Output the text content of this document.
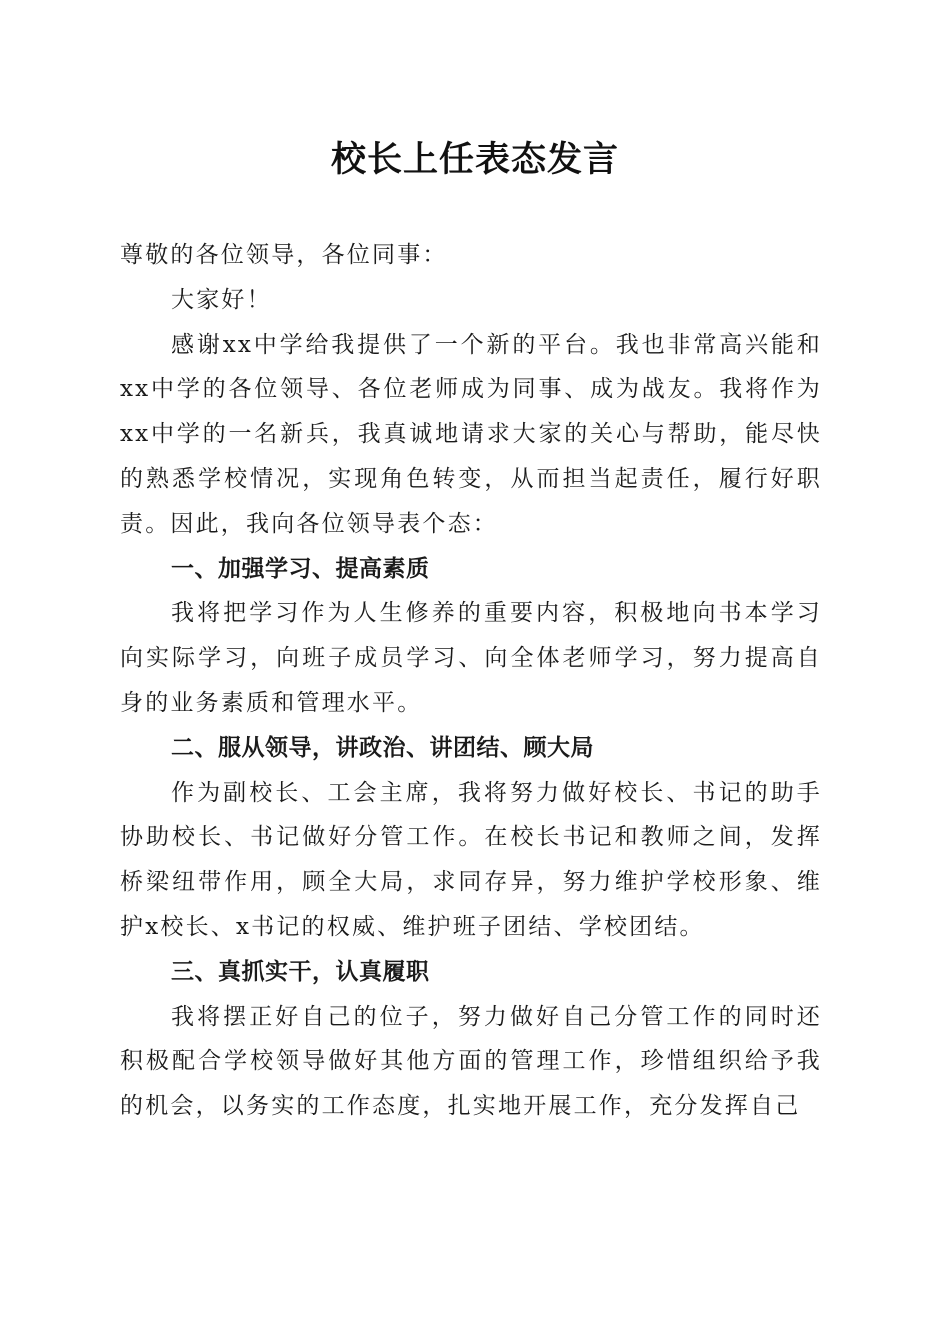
校长上任表态发言

尊敬的各位领导，各位同事：

大家好！

感谢xx中学给我提供了一个新的平台。我也非常高兴能和xx中学的各位领导、各位老师成为同事、成为战友。我将作为xx中学的一名新兵，我真诚地请求大家的关心与帮助，能尽快的熟悉学校情况，实现角色转变，从而担当起责任，履行好职责。因此，我向各位领导表个态：

一、加强学习、提高素质

我将把学习作为人生修养的重要内容，积极地向书本学习向实际学习，向班子成员学习、向全体老师学习，努力提高自身的业务素质和管理水平。

二、服从领导，讲政治、讲团结、顾大局

作为副校长、工会主席，我将努力做好校长、书记的助手协助校长、书记做好分管工作。在校长书记和教师之间，发挥桥梁纽带作用，顾全大局，求同存异，努力维护学校形象、维护x校长、x书记的权威、维护班子团结、学校团结。

三、真抓实干，认真履职

我将摆正好自己的位子，努力做好自己分管工作的同时还积极配合学校领导做好其他方面的管理工作，珍惜组织给予我的机会，以务实的工作态度，扎实地开展工作，充分发挥自己
